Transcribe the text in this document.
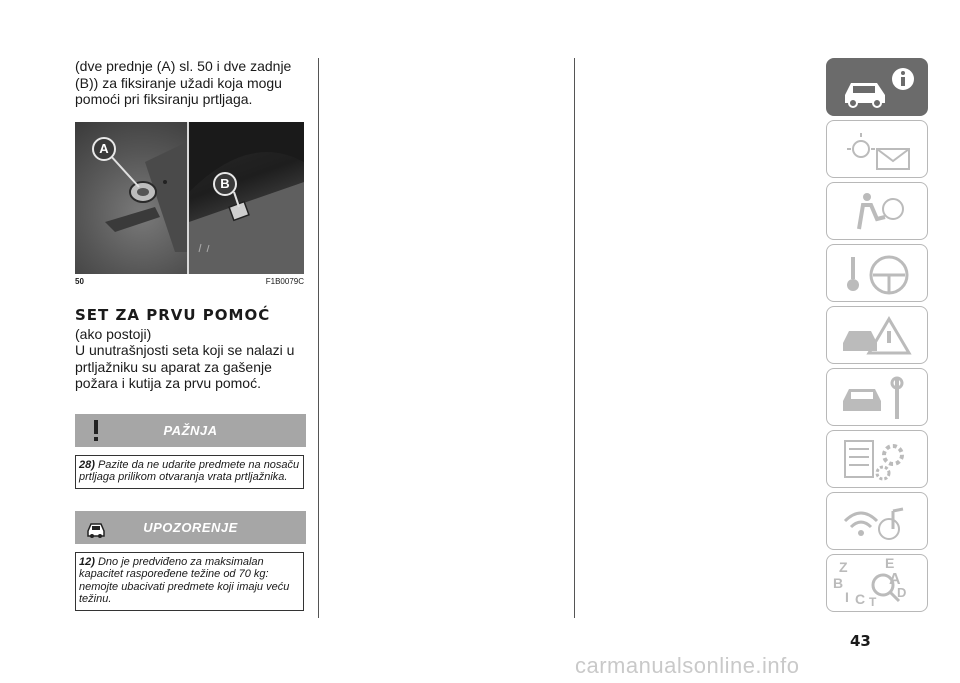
(dve prednje (A) sl. 50 i dve zadnje (B)) za fiksiranje užadi koja mogu pomoći pri fiksiranju prtljaga.

A
B
50	F1B0079C
SET ZA PRVU POMOĆ

(ako postoji)

U unutrašnjosti seta koji se nalazi u prtljažniku su aparat za gašenje požara i kutija za prvu pomoć.

PAŽNJA
28) Pazite da ne udarite predmete na nosaču prtljaga prilikom otvaranja vrata prtljažnika.
UPOZORENJE
12) Dno je predviđeno za maksimalan kapacitet raspoređene težine od 70 kg: nemojte ubacivati predmete koji imaju veću težinu.
Z	E
B	A
I C T
D
43
carmanualsonline.info
